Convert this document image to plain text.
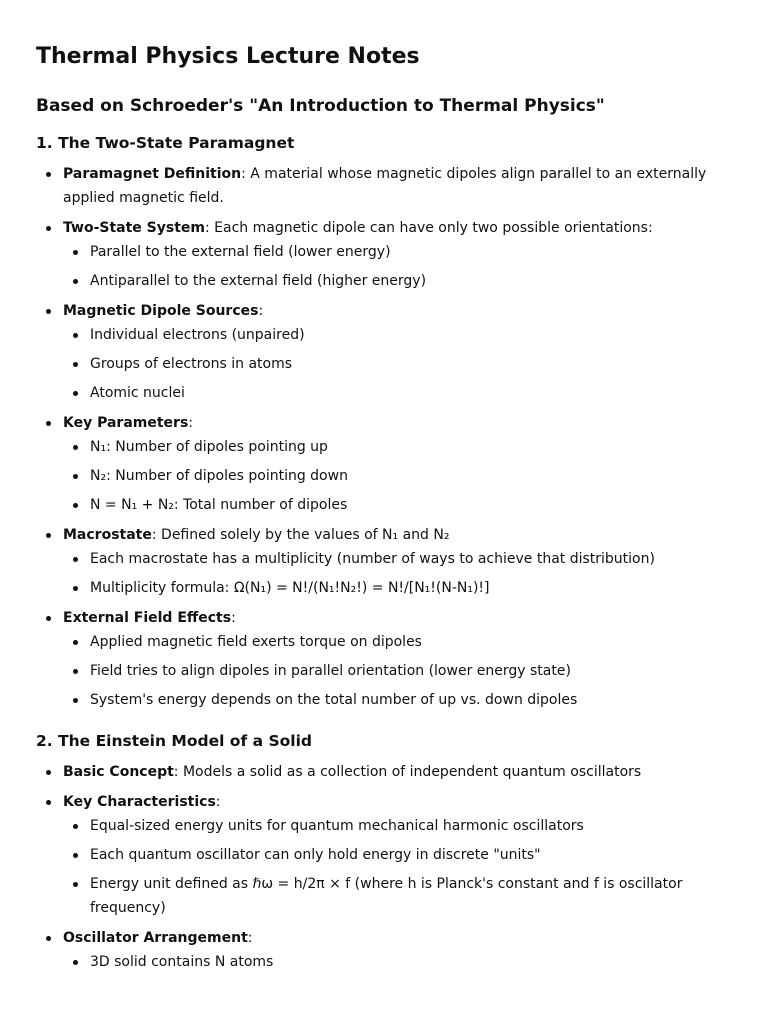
Thermal Physics Lecture Notes
Based on Schroeder's "An Introduction to Thermal Physics"
1. The Two-State Paramagnet
Paramagnet Definition: A material whose magnetic dipoles align parallel to an externally applied magnetic field.
Two-State System: Each magnetic dipole can have only two possible orientations:
Parallel to the external field (lower energy)
Antiparallel to the external field (higher energy)
Magnetic Dipole Sources:
Individual electrons (unpaired)
Groups of electrons in atoms
Atomic nuclei
Key Parameters:
N₁: Number of dipoles pointing up
N₂: Number of dipoles pointing down
N = N₁ + N₂: Total number of dipoles
Macrostate: Defined solely by the values of N₁ and N₂
Each macrostate has a multiplicity (number of ways to achieve that distribution)
Multiplicity formula: Ω(N₁) = N!/(N₁!N₂!) = N!/[N₁!(N-N₁)!]
External Field Effects:
Applied magnetic field exerts torque on dipoles
Field tries to align dipoles in parallel orientation (lower energy state)
System's energy depends on the total number of up vs. down dipoles
2. The Einstein Model of a Solid
Basic Concept: Models a solid as a collection of independent quantum oscillators
Key Characteristics:
Equal-sized energy units for quantum mechanical harmonic oscillators
Each quantum oscillator can only hold energy in discrete "units"
Energy unit defined as ℏω = h/2π × f (where h is Planck's constant and f is oscillator frequency)
Oscillator Arrangement:
3D solid contains N atoms
